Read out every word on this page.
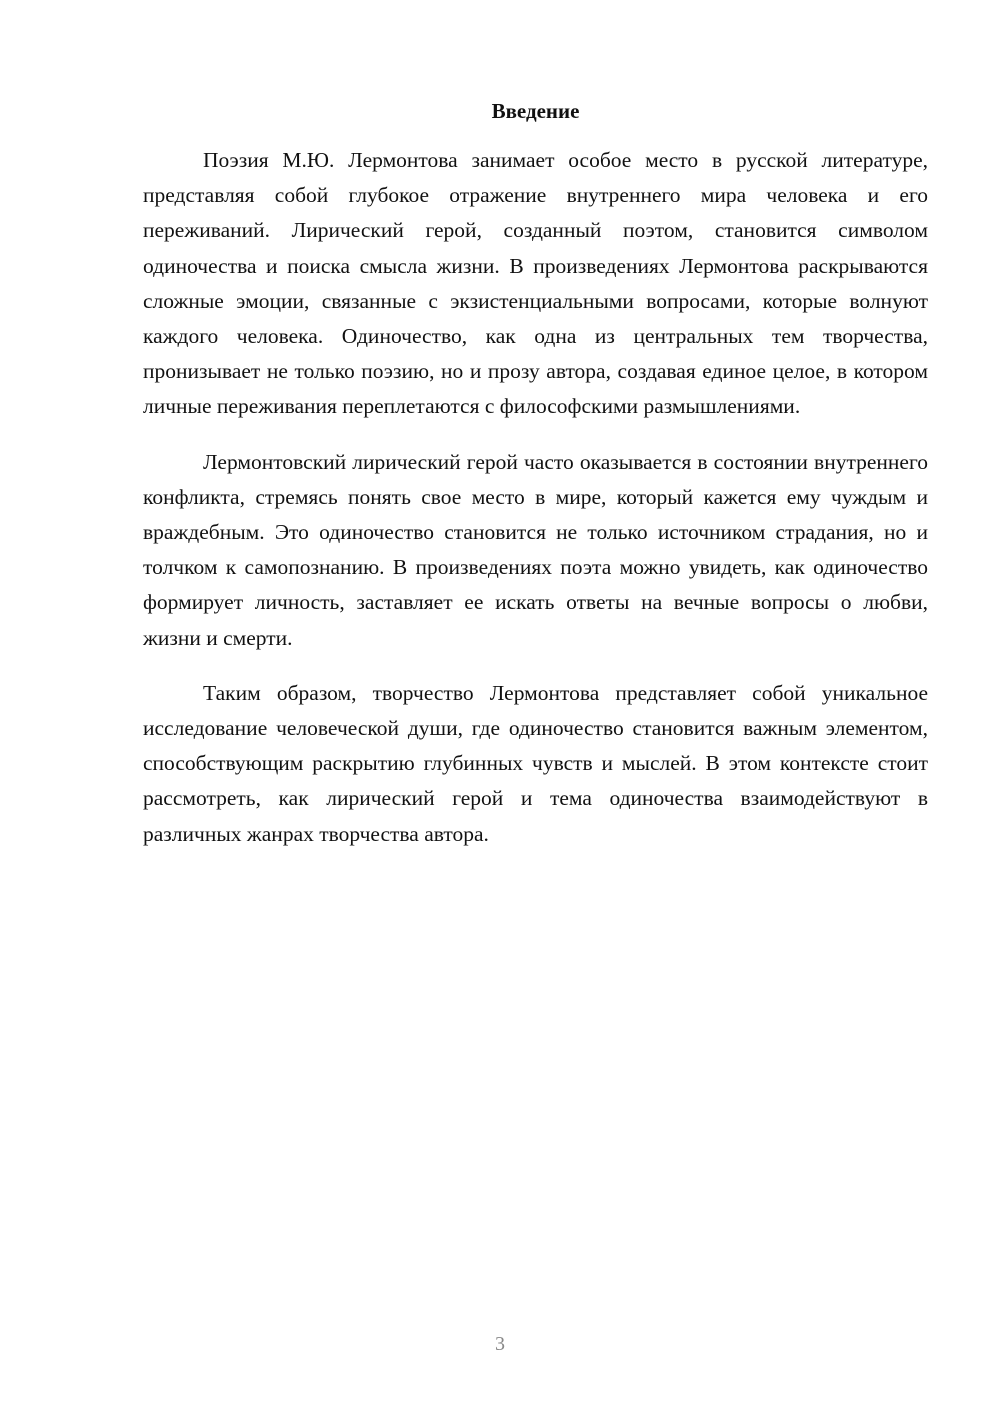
Введение

Поэзия М.Ю. Лермонтова занимает особое место в русской литературе, представляя собой глубокое отражение внутреннего мира человека и его переживаний. Лирический герой, созданный поэтом, становится символом одиночества и поиска смысла жизни. В произведениях Лермонтова раскрываются сложные эмоции, связанные с экзистенциальными вопросами, которые волнуют каждого человека. Одиночество, как одна из центральных тем творчества, пронизывает не только поэзию, но и прозу автора, создавая единое целое, в котором личные переживания переплетаются с философскими размышлениями.

Лермонтовский лирический герой часто оказывается в состоянии внутреннего конфликта, стремясь понять свое место в мире, который кажется ему чуждым и враждебным. Это одиночество становится не только источником страдания, но и толчком к самопознанию. В произведениях поэта можно увидеть, как одиночество формирует личность, заставляет ее искать ответы на вечные вопросы о любви, жизни и смерти.

Таким образом, творчество Лермонтова представляет собой уникальное исследование человеческой души, где одиночество становится важным элементом, способствующим раскрытию глубинных чувств и мыслей. В этом контексте стоит рассмотреть, как лирический герой и тема одиночества взаимодействуют в различных жанрах творчества автора.

3
